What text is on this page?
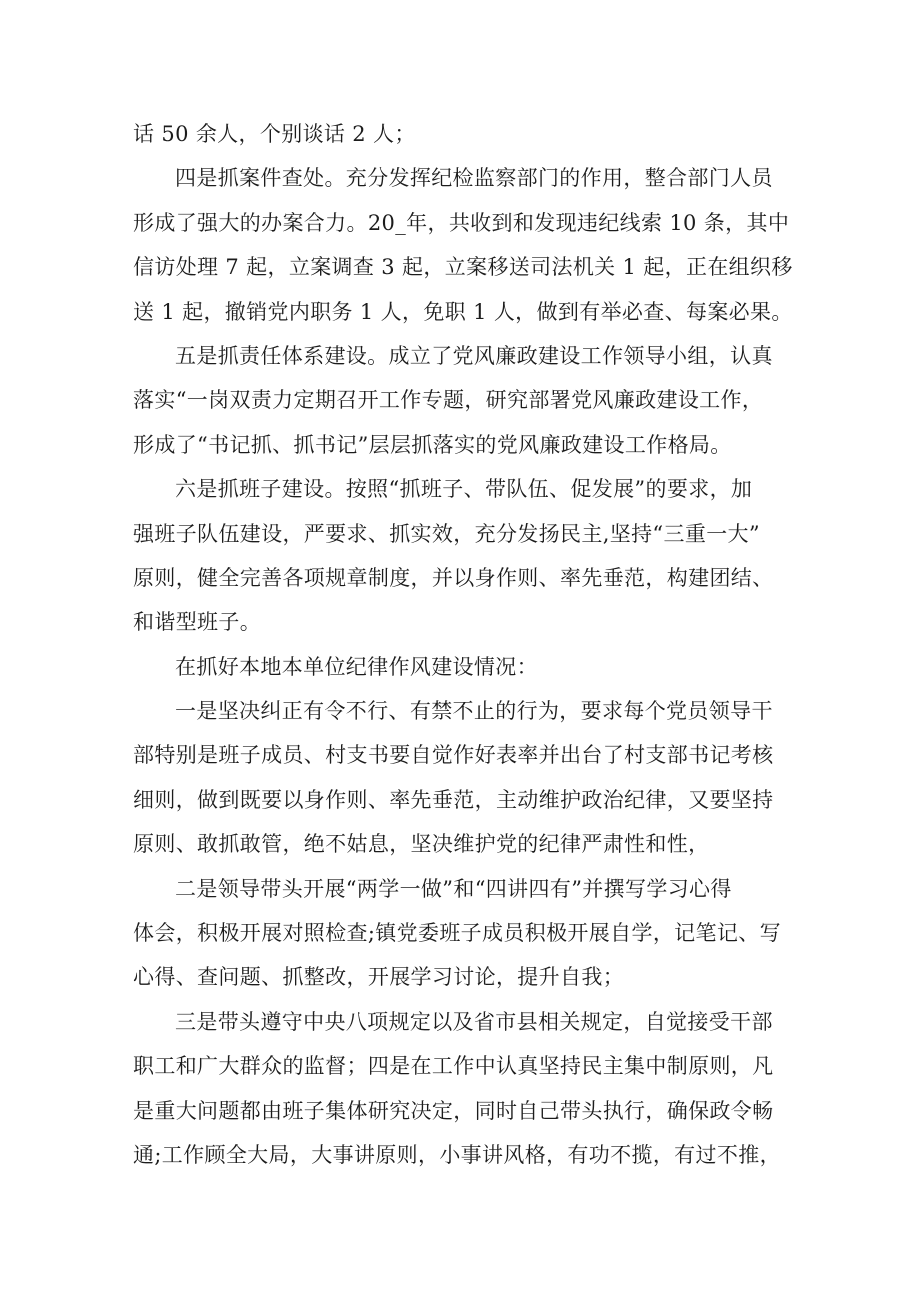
话 50 余人，个别谈话 2 人；
四是抓案件查处。充分发挥纪检监察部门的作用，整合部门人员
形成了强大的办案合力。20_年，共收到和发现违纪线索 10 条，其中
信访处理 7 起，立案调查 3 起，立案移送司法机关 1 起，正在组织移
送 1 起，撤销党内职务 1 人，免职 1 人，做到有举必查、每案必果。
五是抓责任体系建设。成立了党风廉政建设工作领导小组，认真
落实“一岗双责力定期召开工作专题，研究部署党风廉政建设工作，
形成了“书记抓、抓书记”层层抓落实的党风廉政建设工作格局。
六是抓班子建设。按照“抓班子、带队伍、促发展”的要求，加
强班子队伍建设，严要求、抓实效，充分发扬民主,坚持“三重一大”
原则，健全完善各项规章制度，并以身作则、率先垂范，构建团结、
和谐型班子。
在抓好本地本单位纪律作风建设情况：
一是坚决纠正有令不行、有禁不止的行为，要求每个党员领导干
部特别是班子成员、村支书要自觉作好表率并出台了村支部书记考核
细则，做到既要以身作则、率先垂范，主动维护政治纪律，又要坚持
原则、敢抓敢管，绝不姑息，坚决维护党的纪律严肃性和性，
二是领导带头开展“两学一做”和“四讲四有”并撰写学习心得
体会，积极开展对照检查;镇党委班子成员积极开展自学，记笔记、写
心得、查问题、抓整改，开展学习讨论，提升自我；
三是带头遵守中央八项规定以及省市县相关规定，自觉接受干部
职工和广大群众的监督；四是在工作中认真坚持民主集中制原则，凡
是重大问题都由班子集体研究决定，同时自己带头执行，确保政令畅
通;工作顾全大局，大事讲原则，小事讲风格，有功不揽，有过不推，
